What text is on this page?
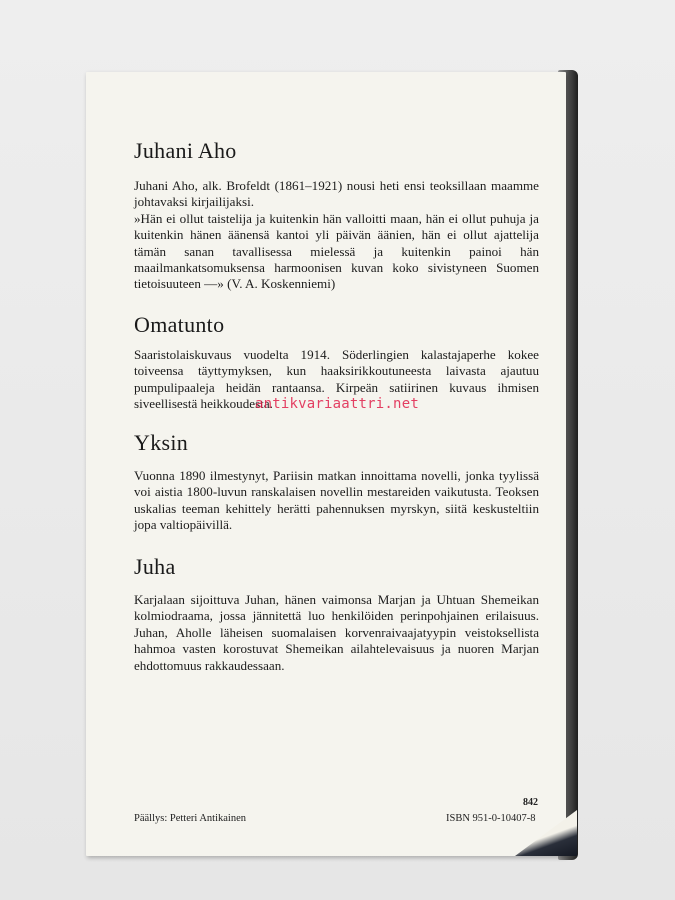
Juhani Aho

Juhani Aho, alk. Brofeldt (1861–1921) nousi heti ensi teoksillaan maamme johtavaksi kirjailijaksi.

»Hän ei ollut taistelija ja kuitenkin hän valloitti maan, hän ei ollut puhuja ja kuitenkin hänen äänensä kantoi yli päivän äänien, hän ei ollut ajattelija tämän sanan tavallisessa mielessä ja kuitenkin painoi hän maailmankatsomuksensa harmoonisen kuvan koko sivistyneen Suomen tietoisuuteen —» (V. A. Koskenniemi)

Omatunto

Saaristolaiskuvaus vuodelta 1914. Söderlingien kalastajaperhe kokee toiveensa täyttymyksen, kun haaksirikkoutuneesta laivasta ajautuu pumpulipaaleja heidän rantaansa. Kirpeän satiirinen kuvaus ihmisen siveellisestä heikkoudesta.

Yksin

Vuonna 1890 ilmestynyt, Pariisin matkan innoittama novelli, jonka tyylissä voi aistia 1800-luvun ranskalaisen novellin mestareiden vaikutusta. Teoksen uskalias teeman kehittely herätti pahennuksen myrskyn, siitä keskusteltiin jopa valtiopäivillä.

Juha

Karjalaan sijoittuva Juhan, hänen vaimonsa Marjan ja Uhtuan Shemeikan kolmiodraama, jossa jännitettä luo henkilöiden perinpohjainen erilaisuus. Juhan, Aholle läheisen suomalaisen korvenraivaajatyypin veistoksellista hahmoa vasten korostuvat Shemeikan ailahtelevaisuus ja nuoren Marjan ehdottomuus rakkaudessaan.

antikvariaattri.net
Päällys: Petteri Antikainen
842
ISBN 951-0-10407-8
